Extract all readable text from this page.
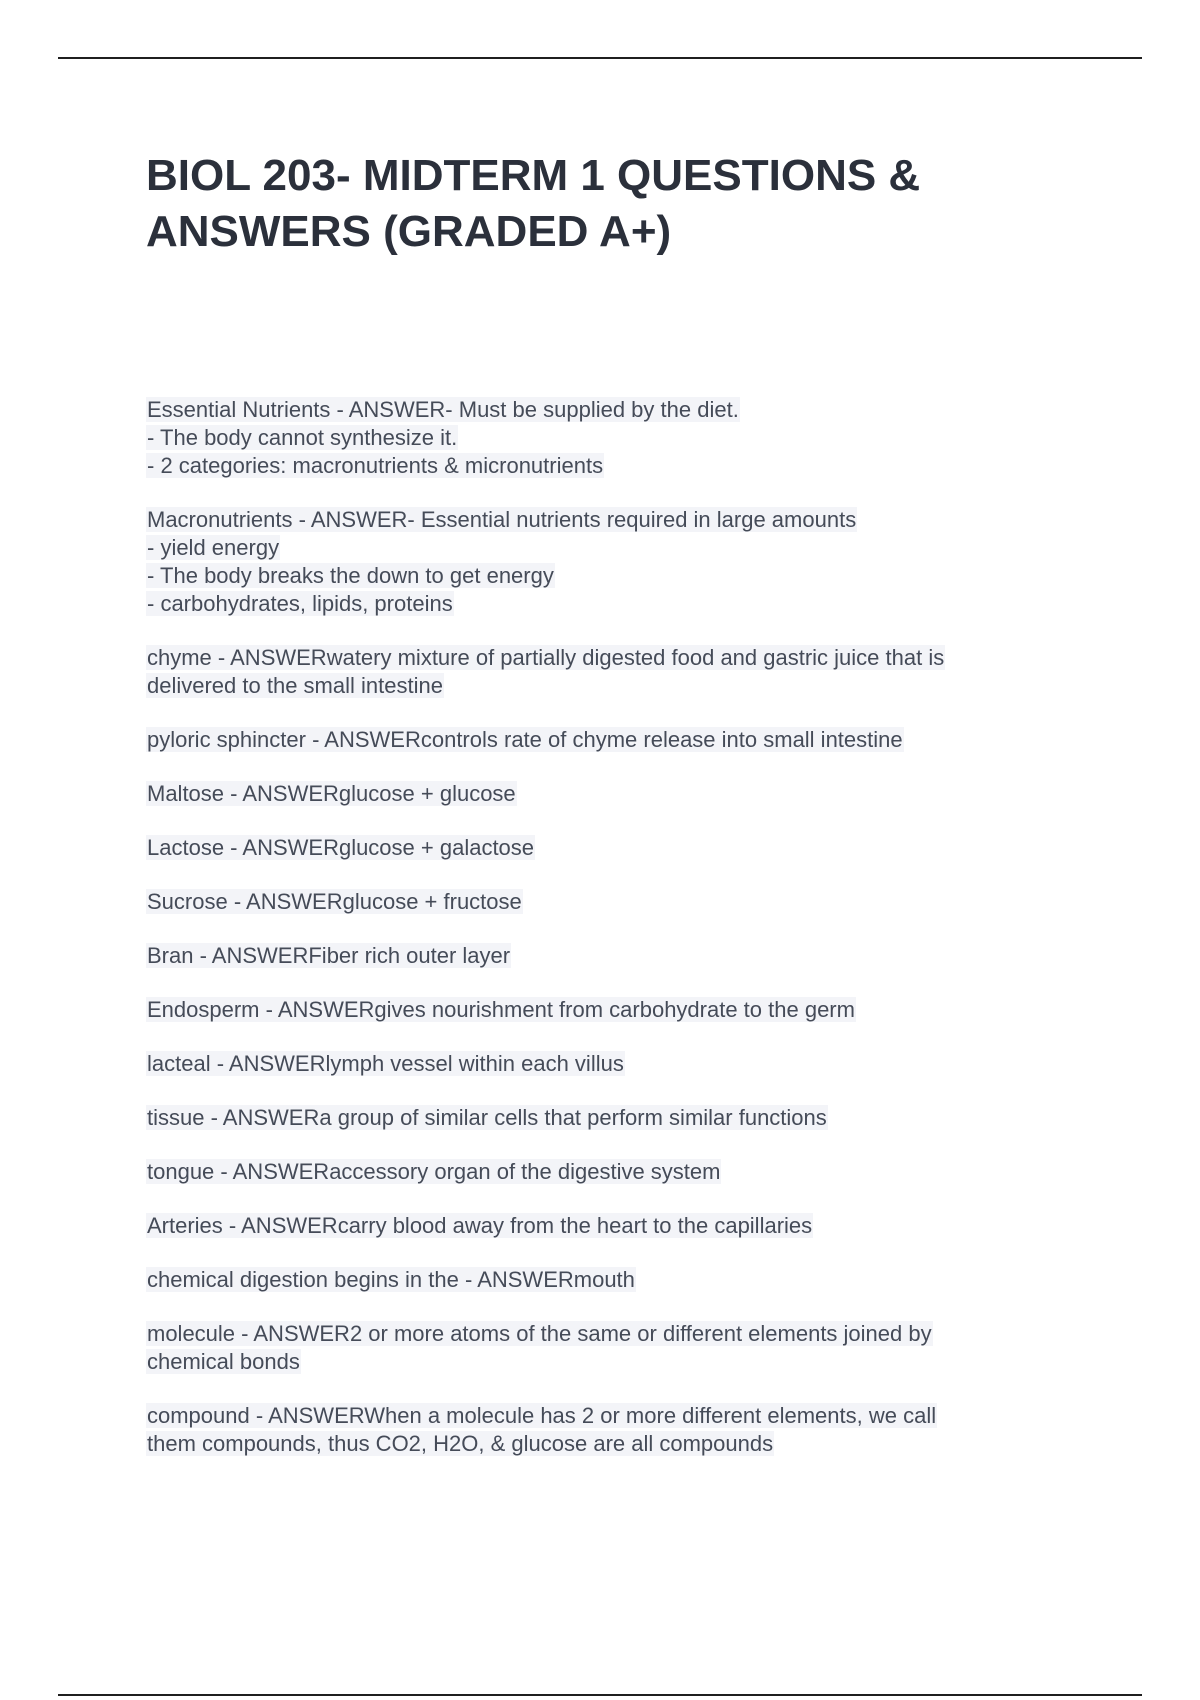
BIOL 203- MIDTERM 1 QUESTIONS & ANSWERS (GRADED A+)
Essential Nutrients - ANSWER- Must be supplied by the diet.
- The body cannot synthesize it.
- 2 categories: macronutrients & micronutrients
Macronutrients - ANSWER- Essential nutrients required in large amounts
- yield energy
- The body breaks the down to get energy
- carbohydrates, lipids, proteins
chyme - ANSWERwatery mixture of partially digested food and gastric juice that is
delivered to the small intestine
pyloric sphincter - ANSWERcontrols rate of chyme release into small intestine
Maltose - ANSWERglucose + glucose
Lactose - ANSWERglucose + galactose
Sucrose - ANSWERglucose + fructose
Bran - ANSWERFiber rich outer layer
Endosperm - ANSWERgives nourishment from carbohydrate to the germ
lacteal - ANSWERlymph vessel within each villus
tissue - ANSWERa group of similar cells that perform similar functions
tongue - ANSWERaccessory organ of the digestive system
Arteries - ANSWERcarry blood away from the heart to the capillaries
chemical digestion begins in the - ANSWERmouth
molecule - ANSWER2 or more atoms of the same or different elements joined by
chemical bonds
compound - ANSWERWhen a molecule has 2 or more different elements, we call
them compounds, thus CO2, H2O, & glucose are all compounds
